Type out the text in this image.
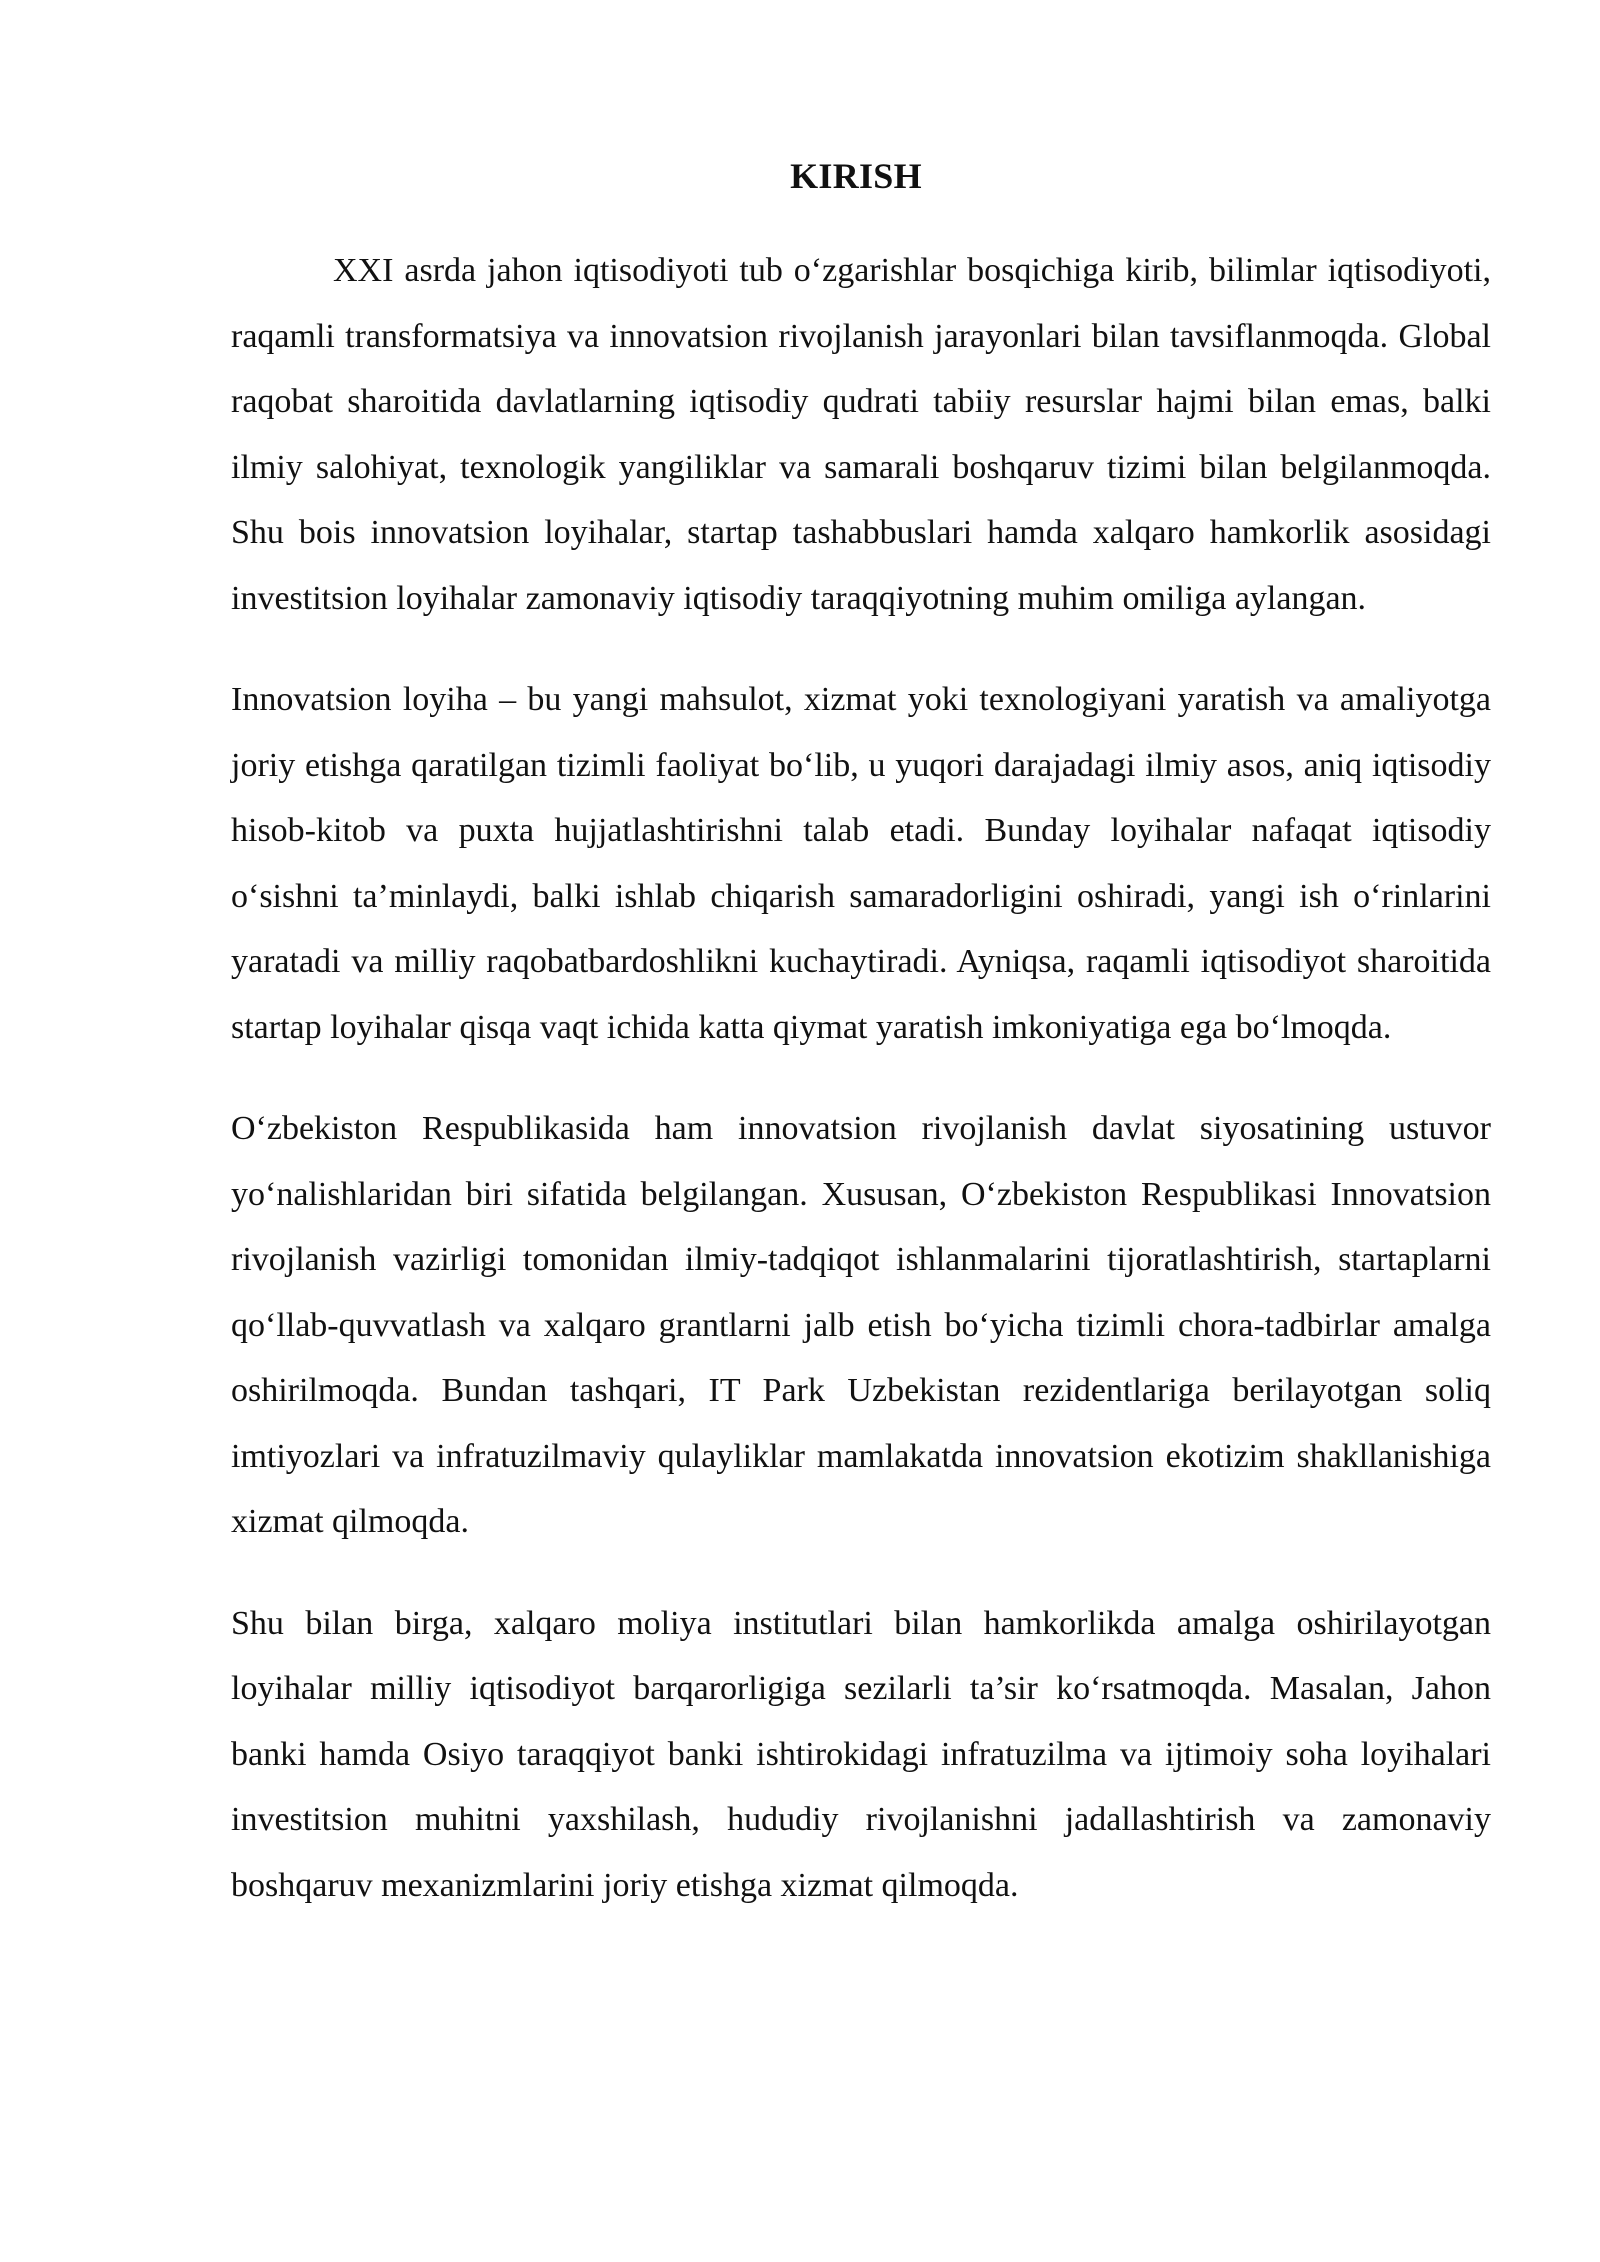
KIRISH

XXI asrda jahon iqtisodiyoti tub o‘zgarishlar bosqichiga kirib, bilimlar iqtisodiyoti, raqamli transformatsiya va innovatsion rivojlanish jarayonlari bilan tavsiflanmoqda. Global raqobat sharoitida davlatlarning iqtisodiy qudrati tabiiy resurslar hajmi bilan emas, balki ilmiy salohiyat, texnologik yangiliklar va samarali boshqaruv tizimi bilan belgilanmoqda. Shu bois innovatsion loyihalar, startap tashabbuslari hamda xalqaro hamkorlik asosidagi investitsion loyihalar zamonaviy iqtisodiy taraqqiyotning muhim omiliga aylangan.

Innovatsion loyiha – bu yangi mahsulot, xizmat yoki texnologiyani yaratish va amaliyotga joriy etishga qaratilgan tizimli faoliyat bo‘lib, u yuqori darajadagi ilmiy asos, aniq iqtisodiy hisob-kitob va puxta hujjatlashtirishni talab etadi. Bunday loyihalar nafaqat iqtisodiy o‘sishni ta’minlaydi, balki ishlab chiqarish samaradorligini oshiradi, yangi ish o‘rinlarini yaratadi va milliy raqobatbardoshlikni kuchaytiradi. Ayniqsa, raqamli iqtisodiyot sharoitida startap loyihalar qisqa vaqt ichida katta qiymat yaratish imkoniyatiga ega bo‘lmoqda.

O‘zbekiston Respublikasida ham innovatsion rivojlanish davlat siyosatining ustuvor yo‘nalishlaridan biri sifatida belgilangan. Xususan, O‘zbekiston Respublikasi Innovatsion rivojlanish vazirligi tomonidan ilmiy-tadqiqot ishlanmalarini tijoratlashtirish, startaplarni qo‘llab-quvvatlash va xalqaro grantlarni jalb etish bo‘yicha tizimli chora-tadbirlar amalga oshirilmoqda. Bundan tashqari, IT Park Uzbekistan rezidentlariga berilayotgan soliq imtiyozlari va infratuzilmaviy qulayliklar mamlakatda innovatsion ekotizim shakllanishiga xizmat qilmoqda.

Shu bilan birga, xalqaro moliya institutlari bilan hamkorlikda amalga oshirilayotgan loyihalar milliy iqtisodiyot barqarorligiga sezilarli ta’sir ko‘rsatmoqda. Masalan, Jahon banki hamda Osiyo taraqqiyot banki ishtirokidagi infratuzilma va ijtimoiy soha loyihalari investitsion muhitni yaxshilash, hududiy rivojlanishni jadallashtirish va zamonaviy boshqaruv mexanizmlarini joriy etishga xizmat qilmoqda.
